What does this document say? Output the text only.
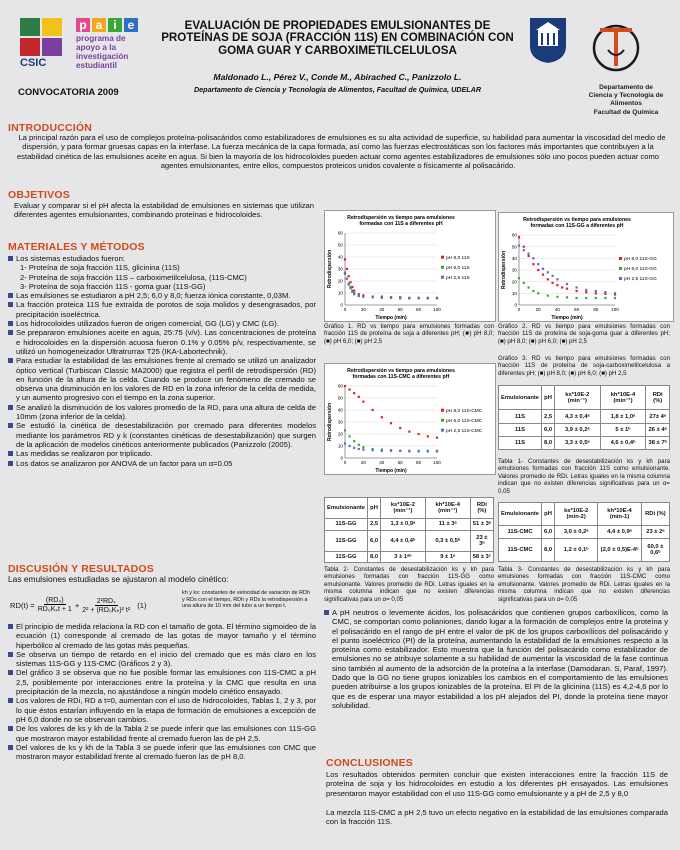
CSIC
p a i e
programa de apoyo a la investigación estudiantil
CONVOCATORIA 2009
EVALUACIÓN DE PROPIEDADES EMULSIONANTES DE PROTEÍNAS DE SOJA (FRACCIÓN 11S) EN COMBINACIÓN CON GOMA GUAR Y CARBOXIMETILCELULOSA
Maldonado L., Pérez V., Conde M., Abirached C., Panizzolo L.
Departamento de Ciencia y Tecnología de Alimentos, Facultad de Química, UDELAR	Departamento de Ciencia y Tecnología de Alimentos
Facultad de Química
INTRODUCCIÓN
La principal razón para el uso de complejos proteína-polisacáridos como estabilizadores de emulsiones es su alta actividad de superficie, su habilidad para aumentar la viscosidad del medio de dispersión, y para formar gruesas capas en la interfase. La fuerza mecánica de la capa formada, así como las fuerzas electrostáticas son los factores más importantes que contribuyen a la estabilidad cinética de las emulsiones aceite en agua. Si bien la mayoría de los hidrocoloides pueden actuar como agentes estabilizadores de emulsiones sólo uno pocos pueden actuar como agentes emulsionantes, entre ellos, compuestos proteicos unidos covalente o físicamente al polisacárido.
OBJETIVOS
Evaluar y comparar si el pH afecta la estabilidad de emulsiones en sistemas que utilizan diferentes agentes emulsionantes, combinando proteínas e hidrocoloides.
MATERIALES Y MÉTODOS
Los sistemas estudiados fueron:
1- Proteína de soja fracción 11S, glicinina (11S)
2- Proteína de soja fracción 11S – carboximetilcelulosa, (11S-CMC)
3- Proteína de soja fracción 11S - goma guar (11S-GG)
Las emulsiones se estudiaron a pH 2,5; 6,0 y 8,0; fuerza iónica constante, 0,03M.
La fracción proteica 11S fue extraída de porotos de soja molidos y desengrasados, por precipitación isoeléctrica.
Los hidrocoloides utilizados fueron de origen comercial, GG (LG) y CMC (LG).
Se prepararon emulsiones aceite en agua, 25:75 (v/v). Las concentraciones de proteína e hidrocoloides en la dispersión acuosa fueron 0.1% y 0.05% p/v, respectivamente, se utilizó un homogeneizador Ultratrurrax T25 (IKA-Labortechnik).
Para estudiar la estabilidad de las emulsiones frente al cremado se utilizó un analizador óptico vertical (Turbiscan Classic MA2000) que registra el perfil de retrodispersión (RD) en función de la altura de la celda. Cuando se produce un fenómeno de cremado se observa una disminución en los valores de RD en la zona inferior de la celda de medida, y un aumento progresivo con el tiempo en la zona superior.
Se analizó la disminución de los valores promedio de la RD, para una altura de celda de 10mm (zona inferior de la celda).
Se estudió la cinética de desestabilización por cremado para diferentes modelos mediante los parámetros RD y k (constantes cinéticas de desestabilización) que surgen de la aplicación de modelos cinéticos anteriormente publicados (Panizzolo (2005).
Las medidas se realizaron por triplicado.
Los datos se analizaron por ANOVA de un factor para un α=0.05
DISCUSIÓN Y RESULTADOS
Las emulsiones estudiadas se ajustaron al modelo cinético:
$RD(t) = \frac{\text{(RD₀)}}{\text{RD₀Kₛt + 1}} + \frac{\text{2²RDₛ}}{\text{2² + (RD₀Kₕ)² t²}} (1)$
kh y ks: constantes de velocidad de variación de RDh y RDs con el tiempo, RDh y RDs la retrodispersión a una altura de 10 mm del tubo a un tiempo t.
El principio de medida relaciona la RD con el tamaño de gota. El término sigmoideo de la ecuación (1) corresponde al cremado de las gotas de mayor tamaño y el término hiperbólico al cremado de las gotas más pequeñas.
Se observa un tiempo de retardo en el inicio del cremado que es más claro en los sistemas 11S-GG y 11S-CMC (Gráficos 2 y 3).
Del gráfico 3 se observa que no fue posible formar las emulsiones con 11S-CMC a pH 2,5, posiblemente por interacciones entre la proteína y la CMC que resulta en una precipitación de la mezcla, no ajustándose a ningún modelo cinético ensayado.
Los valores de RDi, RD a t=0, aumentan con el uso de hidrocoloides, Tablas 1, 2 y 3, por lo que éstos estarían influyendo en la etapa de formación de emulsiones a excepción de pH 6,0 donde no se observan cambios.
De los valores de ks y kh de la Tabla 2 se puede inferir que las emulsiones con 11S-GG que mostraron mayor estabilidad frente al cremado fueron las de pH 2,5.
Del valores de ks y kh de la Tabla 3 se puede inferir que las emulsiones con CMC que mostraron mayor estabilidad frente al cremado fueron las de pH 8,0.
Retrodispersión vs tiempo para emulsiones formadas con 11S a diferentes pH
0
10
20
30
40
50
60
0	20	40	60	80	100
Tiempo (min)
Retrodispersión	pH 8,0 11S
pH 6,0 11S
pH 2,5 11S
Gráfico 1. RD vs tiempo para emulsiones formadas con fracción 11S de proteína de soja a diferentes pH; (■) pH 8,0; (■) pH 6,0; (■) pH 2,5
Retrodispersión vs tiempo para emulsiones formadas con 11S-GG a diferentes pH
0
10
20
30
40
50
60
0	20	40	60	80	100
Tiempo (min)
Retrodispersión	pH 8,0 11S-GG
pH 6,0 11S-GG
pH 2,5 11S-GG
Gráfico 2. RD vs tiempo para emulsiones formadas con fracción 11S de proteína de soja-goma guar a diferentes pH; (■) pH 8,0; (■) pH 6,0; (■) pH 2,5
Gráfico 3. RD vs tiempo para emulsiones formadas con fracción 11S de proteína de soja-carboximetilcelulosa a diferentes pH; (■) pH 8,0; (■) pH 6,0; (■) pH 2,5
Retrodispersión vs tiempo para emulsiones formadas con 11S-CMC a diferentes pH
0
10
20
30
40
50
60
0	20	40	60	80	100
Tiempo (min)
Retrodispersión	pH 8,0 11S-CMC
pH 6,0 11S-CMC
pH 2,5 11S-CMC
Emulsionante	pH	ks*10E-2 (min⁻¹)	kh*10E-4 (min⁻¹)	RDi (%)
11S	2,5	4,3 ± 0,4ᵃ	1,8 ± 1,0ᵃ	27± 4ᵃ
11S	6,0	3,9 ± 0,2ᵃ	5 ± 1ᵇ	26 ± 4ᵃ
11S	8,0	3,3 ± 0,5ᵃ	4,6 ± 0,4ᵇ	38 ± 7ᵇ
Tabla 1- Constantes de desestabilización ks y kh para emulsiones formadas con fracción 11S como emulsionante. Valores promedio de RDi. Letras iguales en la misma columna indican que no existen diferencias significativas para un α= 0,05
Emulsionante	pH	ks*10E-2 (min⁻¹)	kh*10E-4 (min⁻¹)	RDi (%)
11S-GG	2,5	1,3 ± 0,9ᵃ	11 ± 3ᵃ	51 ± 3ᵃ
11S-GG	6,0	4,4 ± 0,4ᵇ	0,3 ± 0,5ᵇ	23 ± 3ᵇ
11S-GG	8,0	3 ± 1ᵃᵇ	9 ± 1ᵃ	58 ± 3ᶜ
Tabla 2- Constantes de desestabilización ks y kh para emulsiones formadas con fracción 11S-GG como emulsionante. Valores promedio de RDi. Letras iguales en la misma columna indican que no existen diferencias significativas para un α= 0,05
Emulsionante	pH	ks*10E-2 (min-2)	kh*10E-4 (min-1)	RDi (%)
11S-CMC	6,0	3,0 ± 0,2ᵃ	4,4 ± 0,9ᵃ	23 ± 2ᵃ
11S-CMC	8,0	1,2 ± 0,1ᵇ	(2,0 ± 0,5)E-4ᵇ	60,0 ± 0,6ᵇ
Tabla 3- Constantes de desestabilización ks y kh para emulsiones formadas con fracción 11S-CMC como emulsionante. Valores promedio de RDi. Letras iguales en la misma columna indican que no existen diferencias significativas para un α= 0,05
A pH neutros o levemente ácidos, los polisacáridos que contienen grupos carboxílicos, como la CMC, se comportan como polianiones, dando lugar a la formación de complejos entre la proteína y el polisacárido en el rango de pH entre el valor de pK de los grupos carboxílicos del polisacárido y el punto isoeléctrico (PI) de la proteína, aumentando la estabilidad de la emulsiones respecto a la proteína como estabilizador. Esto muestra que la función del polisacárido como estabilizador de emulsiones no se atribuye solamente a su habilidad de aumentar la viscosidad de la fase continua sino también al aumento de la adsorción de la proteína a la interfase (Damodaran. S, Paraf, 1997). Dado que la GG no tiene grupos ionizables los cambios en el comportamiento de las emulsiones pueden atribuirse a los grupos ionizables de la proteína. El PI de la glicinina (11S) es 4,2-4,6 por lo que es de esperar una mayor estabilidad a los pH alejados del PI, donde la proteína tiene mayor solubilidad.
CONCLUSIONES
Los resultados obtenidos permiten concluir que existen interacciones entre la fracción 11S de proteína de soja y los hidrocoloides en estudio a los diferentes pH ensayados. Las emulsiones presentaron mayor estabilidad con el uso 11S-GG como emulsionante y a pH de 2,5 y 8,0
La mezcla 11S-CMC a pH 2,5 tuvo un efecto negativo en la estabilidad de las emulsiones comparada con la fracción 11S.
